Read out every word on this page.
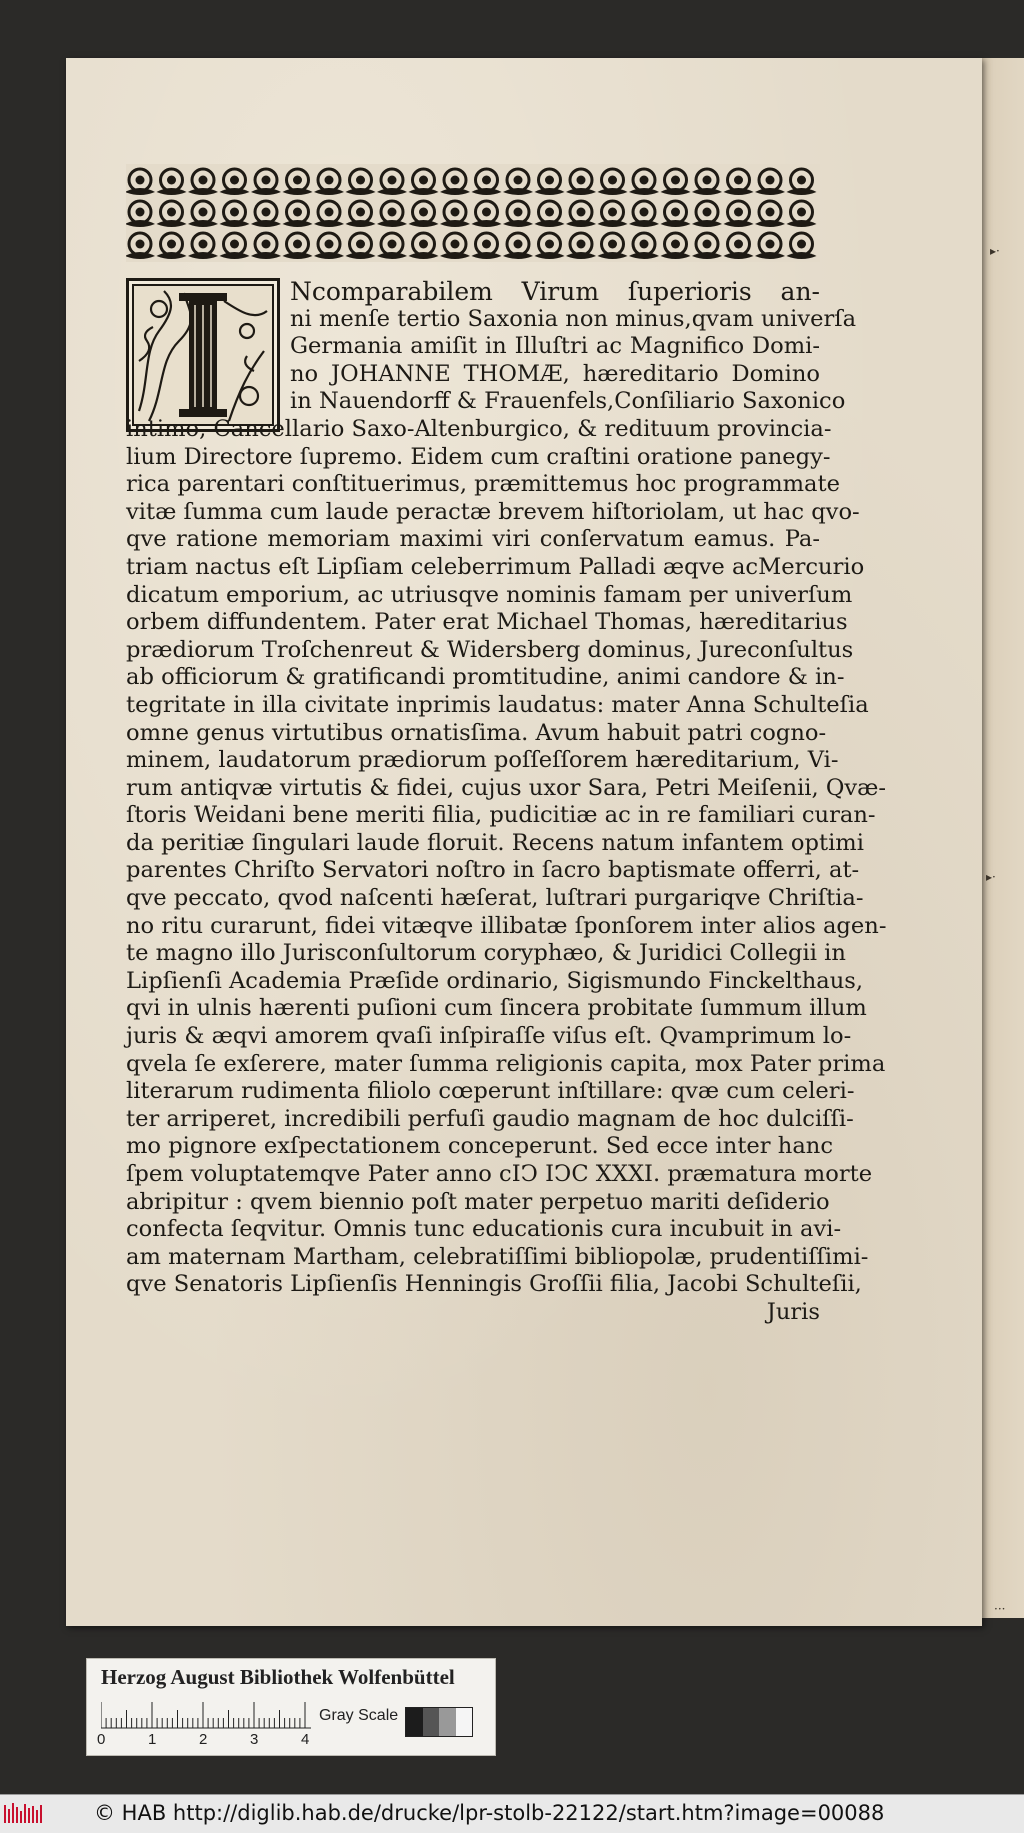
Ncomparabilem Virum ſuperioris an-
ni menſe tertio Saxonia non minus,qvam univerſa
Germania amiſit in Illuſtri ac Magnifico Domi-
no JOHANNE THOMÆ, hæreditario Domino
in Nauendorff & Frauenfels,Conſiliario Saxonico
intimo, Cancellario Saxo-Altenburgico, & redituum provincia-
lium Directore ſupremo. Eidem cum craſtini oratione panegy-
rica parentari conſtituerimus, præmittemus hoc programmate
vitæ ſumma cum laude peractæ brevem hiſtoriolam, ut hac qvo-
qve ratione memoriam maximi viri conſervatum eamus. Pa-
triam nactus eſt Lipſiam celeberrimum Palladi æqve acMercurio
dicatum emporium, ac utriusqve nominis famam per univerſum
orbem diffundentem. Pater erat Michael Thomas, hæreditarius
prædiorum Troſchenreut & Widersberg dominus, Jureconſultus
ab officiorum & gratificandi promtitudine, animi candore & in-
tegritate in illa civitate inprimis laudatus: mater Anna Schulteſia
omne genus virtutibus ornatisſima. Avum habuit patri cogno-
minem, laudatorum prædiorum poſſeſſorem hæreditarium, Vi-
rum antiqvæ virtutis & fidei, cujus uxor Sara, Petri Meiſenii, Qvæ-
ſtoris Weidani bene meriti filia, pudicitiæ ac in re familiari curan-
da peritiæ ſingulari laude floruit. Recens natum infantem optimi
parentes Chriſto Servatori noſtro in ſacro baptismate offerri, at-
qve peccato, qvod naſcenti hæſerat, luſtrari purgariqve Chriſtia-
no ritu curarunt, fidei vitæqve illibatæ ſponſorem inter alios agen-
te magno illo Jurisconſultorum coryphæo, & Juridici Collegii in
Lipſienſi Academia Præſide ordinario, Sigismundo Finckelthaus,
qvi in ulnis hærenti puſioni cum ſincera probitate ſummum illum
juris & æqvi amorem qvaſi inſpiraſſe viſus eſt. Qvamprimum lo-
qvela ſe exſerere, mater ſumma religionis capita, mox Pater prima
literarum rudimenta filiolo cœperunt inſtillare: qvæ cum celeri-
ter arriperet, incredibili perfuſi gaudio magnam de hoc dulciſſi-
mo pignore exſpectationem conceperunt. Sed ecce inter hanc
ſpem voluptatemqve Pater anno cIↃ IↃC XXXI. præmatura morte
abripitur : qvem biennio poſt mater perpetuo mariti deſiderio
confecta ſeqvitur. Omnis tunc educationis cura incubuit in avi-
am maternam Martham, celebratiſſimi bibliopolæ, prudentiſſimi-
qve Senatoris Lipſienſis Henningis Groſſii filia, Jacobi Schulteſii,
Juris
▸·
▸·
···
Herzog August Bibliothek Wolfenbüttel
Gray Scale
0	1	2	3	4
© HAB http://diglib.hab.de/drucke/lpr-stolb-22122/start.htm?image=00088
